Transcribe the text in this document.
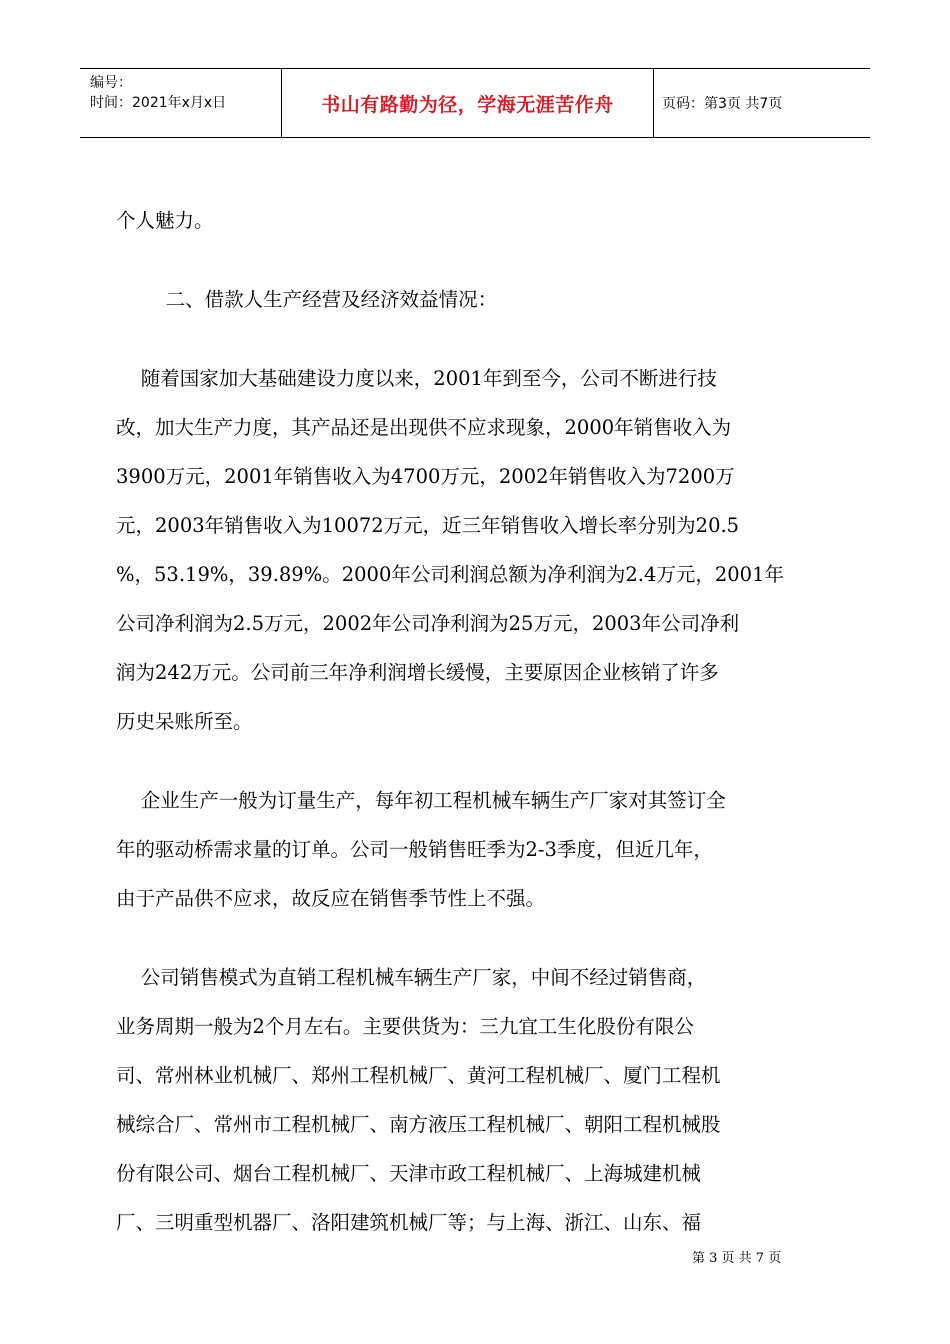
编号：
时间：2021年x月x日	书山有路勤为径，学海无涯苦作舟	页码：第3页 共7页

个人魅力。

二、借款人生产经营及经济效益情况：

随着国家加大基础建设力度以来，2001年到至今，公司不断进行技

改，加大生产力度，其产品还是出现供不应求现象，2000年销售收入为

3900万元，2001年销售收入为4700万元，2002年销售收入为7200万

元，2003年销售收入为10072万元，近三年销售收入增长率分别为20.5

%，53.19%，39.89%。2000年公司利润总额为净利润为2.4万元，2001年

公司净利润为2.5万元，2002年公司净利润为25万元，2003年公司净利

润为242万元。公司前三年净利润增长缓慢，主要原因企业核销了许多

历史呆账所至。

企业生产一般为订量生产，每年初工程机械车辆生产厂家对其签订全

年的驱动桥需求量的订单。公司一般销售旺季为2-3季度，但近几年，

由于产品供不应求，故反应在销售季节性上不强。

公司销售模式为直销工程机械车辆生产厂家，中间不经过销售商，

业务周期一般为2个月左右。主要供货为：三九宜工生化股份有限公

司、常州林业机械厂、郑州工程机械厂、黄河工程机械厂、厦门工程机

械综合厂、常州市工程机械厂、南方液压工程机械厂、朝阳工程机械股

份有限公司、烟台工程机械厂、天津市政工程机械厂、上海城建机械

厂、三明重型机器厂、洛阳建筑机械厂等；与上海、浙江、山东、福

第 3 页 共 7 页
